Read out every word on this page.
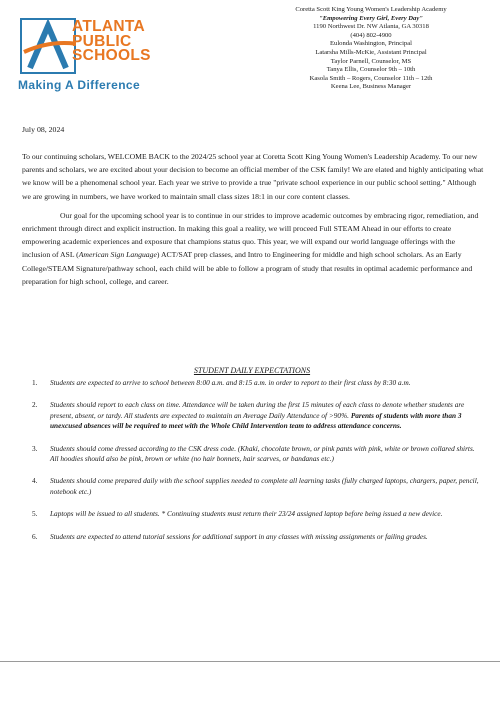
ATLANTA
PUBLIC
SCHOOLS
Making A Difference
Coretta Scott King Young Women's Leadership Academy
"Empowering Every Girl, Every Day"
1190 Northwest Dr. NW Atlanta, GA 30318
(404) 802-4900
Eulonda Washington, Principal
Latarsha Mills-McKie, Assistant Principal
Taylor Parnell, Counselor, MS
Tanya Ellis, Counselor 9th – 10th
Kasola Smith – Rogers, Counselor 11th – 12th
Keena Lee, Business Manager
July 08, 2024

To our continuing scholars, WELCOME BACK to the 2024/25 school year at Coretta Scott King Young Women's Leadership Academy. To our new parents and scholars, we are excited about your decision to become an official member of the CSK family! We are elated and highly anticipating what we know will be a phenomenal school year. Each year we strive to provide a true "private school experience in our public school setting." Although we are growing in numbers, we have worked to maintain small class sizes 18:1 in our core content classes.

Our goal for the upcoming school year is to continue in our strides to improve academic outcomes by embracing rigor, remediation, and enrichment through direct and explicit instruction. In making this goal a reality, we will proceed Full STEAM Ahead in our efforts to create empowering academic experiences and exposure that champions status quo. This year, we will expand our world language offerings with the inclusion of ASL (American Sign Language) ACT/SAT prep classes, and Intro to Engineering for middle and high school scholars. As an Early College/STEAM Signature/pathway school, each child will be able to follow a program of study that results in optimal academic performance and preparation for high school, college, and career.

STUDENT DAILY EXPECTATIONS
1. Students are expected to arrive to school between 8:00 a.m. and 8:15 a.m. in order to report to their first class by 8:30 a.m.
2. Students should report to each class on time. Attendance will be taken during the first 15 minutes of each class to denote whether students are present, absent, or tardy. All students are expected to maintain an Average Daily Attendance of >90%. Parents of students with more than 3 unexcused absences will be required to meet with the Whole Child Intervention team to address attendance concerns.
3. Students should come dressed according to the CSK dress code. (Khaki, chocolate brown, or pink pants with pink, white or brown collared shirts. All hoodies should also be pink, brown or white (no hair bonnets, hair scarves, or bandanas etc.)
4. Students should come prepared daily with the school supplies needed to complete all learning tasks (fully charged laptops, chargers, paper, pencil, notebook etc.)
5. Laptops will be issued to all students. * Continuing students must return their 23/24 assigned laptop before being issued a new device.
6. Students are expected to attend tutorial sessions for additional support in any classes with missing assignments or failing grades.
